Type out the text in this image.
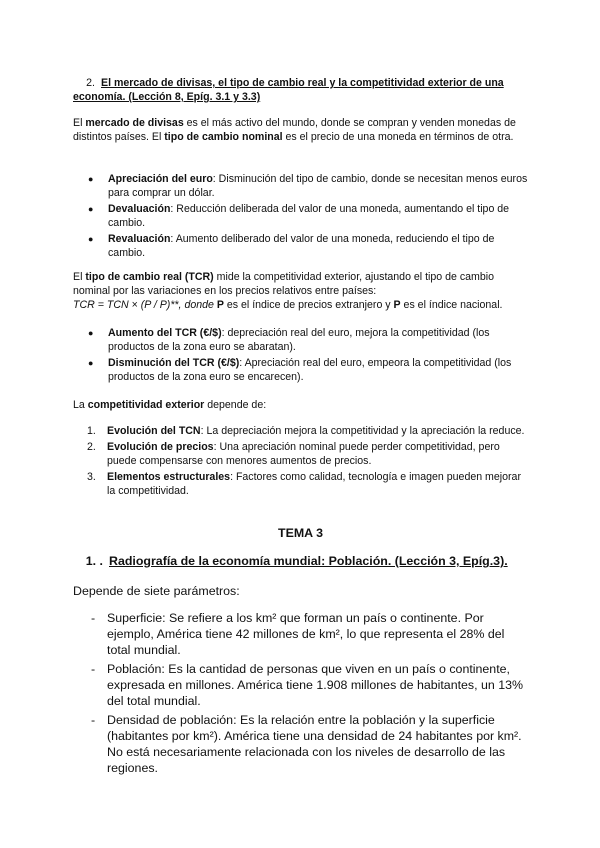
2. El mercado de divisas, el tipo de cambio real y la competitividad exterior de una economía. (Lección 8, Epíg. 3.1 y 3.3)

El mercado de divisas es el más activo del mundo, donde se compran y venden monedas de distintos países. El tipo de cambio nominal es el precio de una moneda en términos de otra.

● Apreciación del euro: Disminución del tipo de cambio, donde se necesitan menos euros para comprar un dólar.
● Devaluación: Reducción deliberada del valor de una moneda, aumentando el tipo de cambio.
● Revaluación: Aumento deliberado del valor de una moneda, reduciendo el tipo de cambio.

El tipo de cambio real (TCR) mide la competitividad exterior, ajustando el tipo de cambio nominal por las variaciones en los precios relativos entre países:
TCR = TCN × (P / P)**, donde P es el índice de precios extranjero y P es el índice nacional.

● Aumento del TCR (€/$): depreciación real del euro, mejora la competitividad (los productos de la zona euro se abaratan).
● Disminución del TCR (€/$): Apreciación real del euro, empeora la competitividad (los productos de la zona euro se encarecen).

La competitividad exterior depende de:

1. Evolución del TCN: La depreciación mejora la competitividad y la apreciación la reduce.
2. Evolución de precios: Una apreciación nominal puede perder competitividad, pero puede compensarse con menores aumentos de precios.
3. Elementos estructurales: Factores como calidad, tecnología e imagen pueden mejorar la competitividad.
TEMA 3
1. . Radiografía de la economía mundial: Población. (Lección 3, Epíg.3).

Depende de siete parámetros:

- Superficie: Se refiere a los km² que forman un país o continente. Por ejemplo, América tiene 42 millones de km², lo que representa el 28% del total mundial.
- Población: Es la cantidad de personas que viven en un país o continente, expresada en millones. América tiene 1.908 millones de habitantes, un 13% del total mundial.
- Densidad de población: Es la relación entre la población y la superficie (habitantes por km²). América tiene una densidad de 24 habitantes por km². No está necesariamente relacionada con los niveles de desarrollo de las regiones.
